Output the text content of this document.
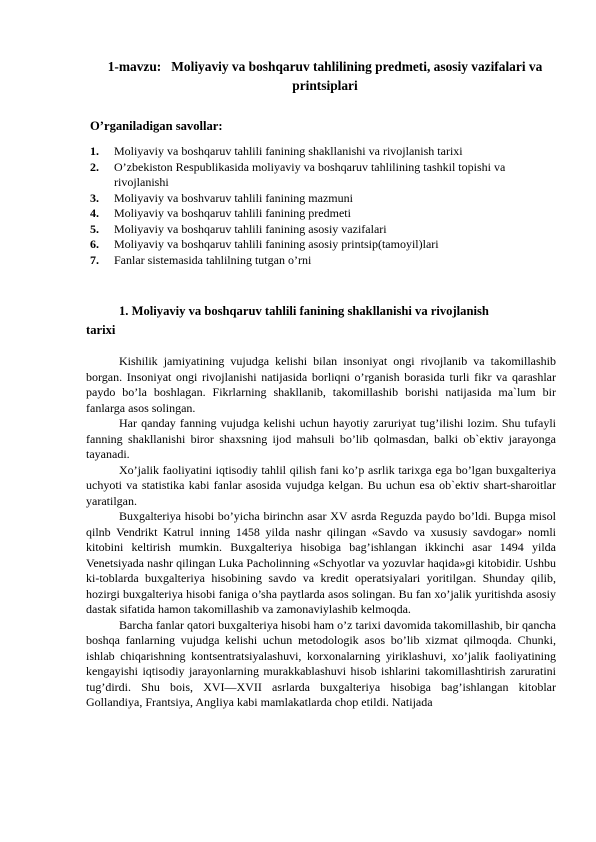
1-mavzu: Moliyaviy va boshqaruv tahlilining predmeti, asosiy vazifalari va printsiplari
O’rganiladigan savollar:
1. Moliyaviy va boshqaruv tahlili fanining shakllanishi va rivojlanish tarixi
2. O’zbekiston Respublikasida moliyaviy va boshqaruv tahlilining tashkil topishi va rivojlanishi
3. Moliyaviy va boshvaruv tahlili fanining mazmuni
4. Moliyaviy va boshqaruv tahlili fanining predmeti
5. Moliyaviy va boshqaruv tahlili fanining asosiy vazifalari
6. Moliyaviy va boshqaruv tahlili fanining asosiy printsip(tamoyil)lari
7. Fanlar sistemasida tahlilning tutgan o’rni
1. Moliyaviy va boshqaruv tahlili fanining shakllanishi va rivojlanish
tarixi

Kishilik jamiyatining vujudga kelishi bilan insoniyat ongi rivojlanib va takomillashib borgan. Insoniyat ongi rivojlanishi natijasida borliqni o’rganish borasida turli fikr va qarashlar paydo bo’la boshlagan. Fikrlarning shakllanib, takomillashib borishi natijasida ma`lum bir fanlarga asos solingan.

Har qanday fanning vujudga kelishi uchun hayotiy zaruriyat tug’ilishi lozim. Shu tufayli fanning shakllanishi biror shaxsning ijod mahsuli bo’lib qolmasdan, balki ob`ektiv jarayonga tayanadi.

Xo’jalik faoliyatini iqtisodiy tahlil qilish fani ko’p asrlik tarixga ega bo’lgan buxgalteriya uchyoti va statistika kabi fanlar asosida vujudga kelgan. Bu uchun esa ob`ektiv shart-sharoitlar yaratilgan.

Buxgalteriya hisobi bo’yicha birinchn asar XV asrda Reguzda paydo bo’ldi. Bupga misol qilnb Vendrikt Katrul inning 1458 yilda nashr qilingan «Savdo va xususiy savdogar» nomli kitobini keltirish mumkin. Buxgalteriya hisobiga bag’ishlangan ikkinchi asar 1494 yilda Venetsiyada nashr qilingan Luka Pacholinning «Schyotlar va yozuvlar haqida»gi kitobidir. Ushbu ki-toblarda buxgalteriya hisobining savdo va kredit operatsiyalari yoritilgan. Shunday qilib, hozirgi buxgalteriya hisobi faniga o’sha paytlarda asos solingan. Bu fan xo’jalik yuritishda asosiy dastak sifatida hamon takomillashib va zamonaviylashib kelmoqda.

Barcha fanlar qatori buxgalteriya hisobi ham o’z tarixi davomida takomillashib, bir qancha boshqa fanlarning vujudga kelishi uchun metodologik asos bo’lib xizmat qilmoqda. Chunki, ishlab chiqarishning kontsentratsiyalashuvi, korxonalarning yiriklashuvi, xo’jalik faoliyatining kengayishi iqtisodiy jarayonlarning murakkablashuvi hisob ishlarini takomillashtirish zaruratini tug’dirdi. Shu bois, XVI—XVII asrlarda buxgalteriya hisobiga bag’ishlangan kitoblar Gollandiya, Frantsiya, Angliya kabi mamlakatlarda chop etildi. Natijada
